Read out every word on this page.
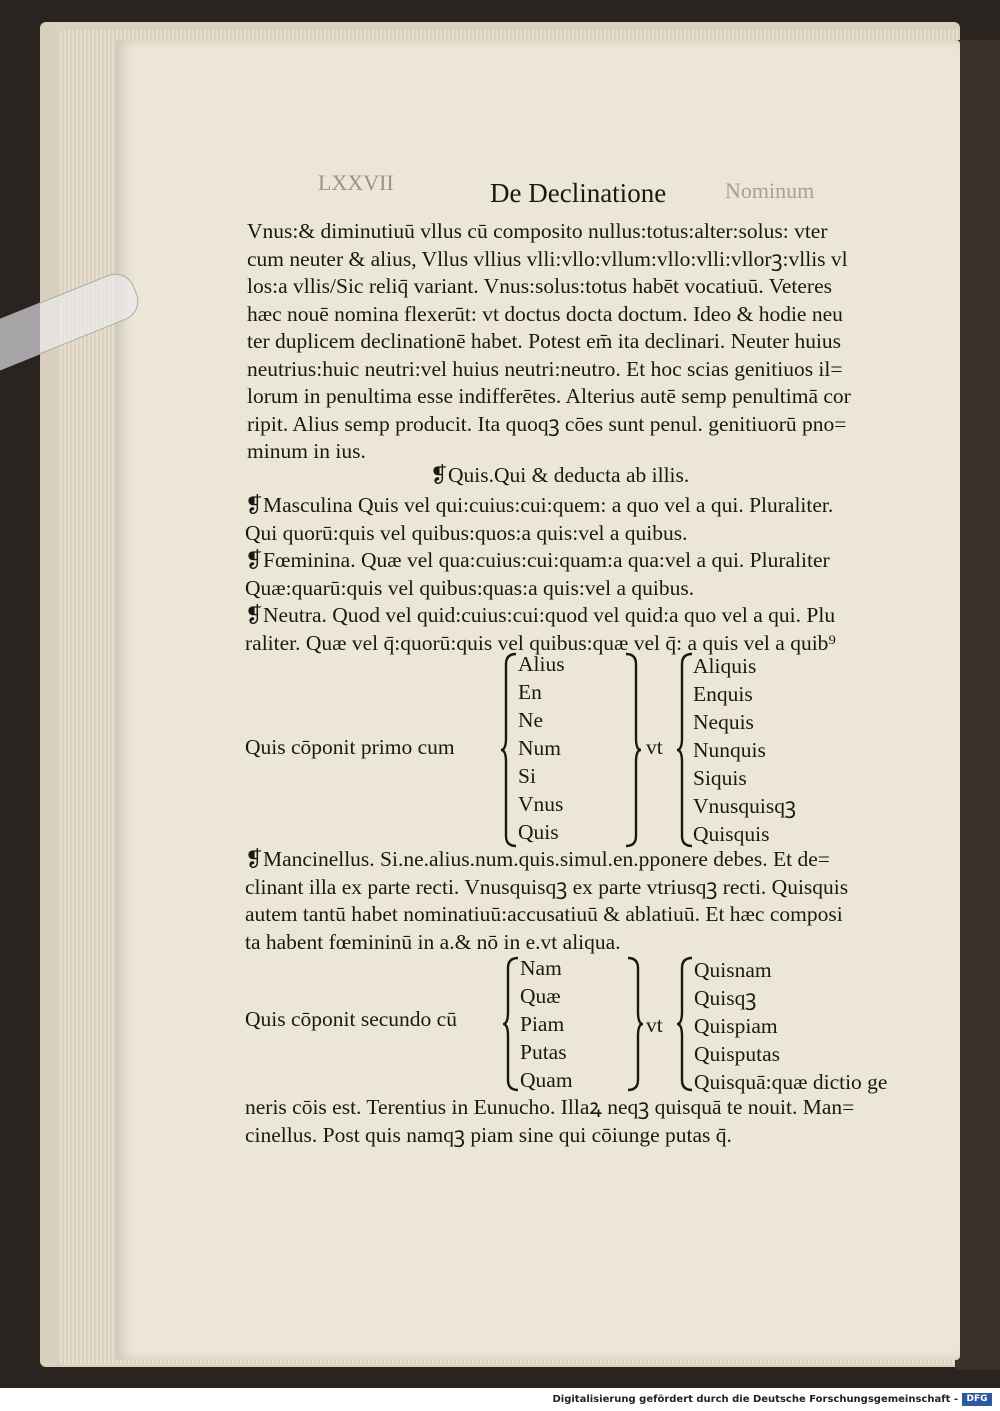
LXXVII	De Declinatione	Nominum
Vnus:& diminutiuū vllus cū composito nullus:totus:alter:solus: vter
cum neuter & alius, Vllus vllius vlli:vllo:vllum:vllo:vlli:vllorꝫ:vllis vl
los:a vllis/Sic reliq̄ variant. Vnus:solus:totus habēt vocatiuū. Veteres
hæc nouē nomina flexerūt: vt doctus docta doctum. Ideo & hodie neu
ter duplicem declinationē habet. Potest em̄ ita declinari. Neuter huius
neutrius:huic neutri:vel huius neutri:neutro. Et hoc scias genitiuos il=
lorum in penultima esse indifferētes. Alterius autē semp penultimā cor
ripit. Alius semp producit. Ita quoqꝫ cōes sunt penul. genitiuorū pno=
minum in ius.
❡Quis.Qui & deducta ab illis.
❡Masculina Quis vel qui:cuius:cui:quem: a quo vel a qui. Pluraliter.
Qui quorū:quis vel quibus:quos:a quis:vel a quibus.
❡Fœminina. Quæ vel qua:cuius:cui:quam:a qua:vel a qui. Pluraliter
Quæ:quarū:quis vel quibus:quas:a quis:vel a quibus.
❡Neutra. Quod vel quid:cuius:cui:quod vel quid:a quo vel a qui. Plu
raliter. Quæ vel q̄:quorū:quis vel quibus:quæ vel q̄: a quis vel a quib⁹
Quis cōponit primo cum
Alius
En
Ne
Num
Si
Vnus
Quis
vt
Aliquis
Enquis
Nequis
Nunquis
Siquis
Vnusquisqꝫ
Quisquis
❡Mancinellus. Si.ne.alius.num.quis.simul.en.pponere debes. Et de=
clinant illa ex parte recti. Vnusquisqꝫ ex parte vtriusqꝫ recti. Quisquis
autem tantū habet nominatiuū:accusatiuū & ablatiuū. Et hæc composi
ta habent fœmininū in a.& nō in e.vt aliqua.
Quis cōponit secundo cū
Nam
Quæ
Piam
Putas
Quam
vt
Quisnam
Quisqꝫ
Quispiam
Quisputas
Quisquā:quæ dictio ge
neris cōis est. Terentius in Eunucho. Illaꝝ neqꝫ quisquā te nouit. Man=
cinellus. Post quis namqꝫ piam sine qui cōiunge putas q̄.
Digitalisierung gefördert durch die Deutsche Forschungsgemeinschaft - DFG
